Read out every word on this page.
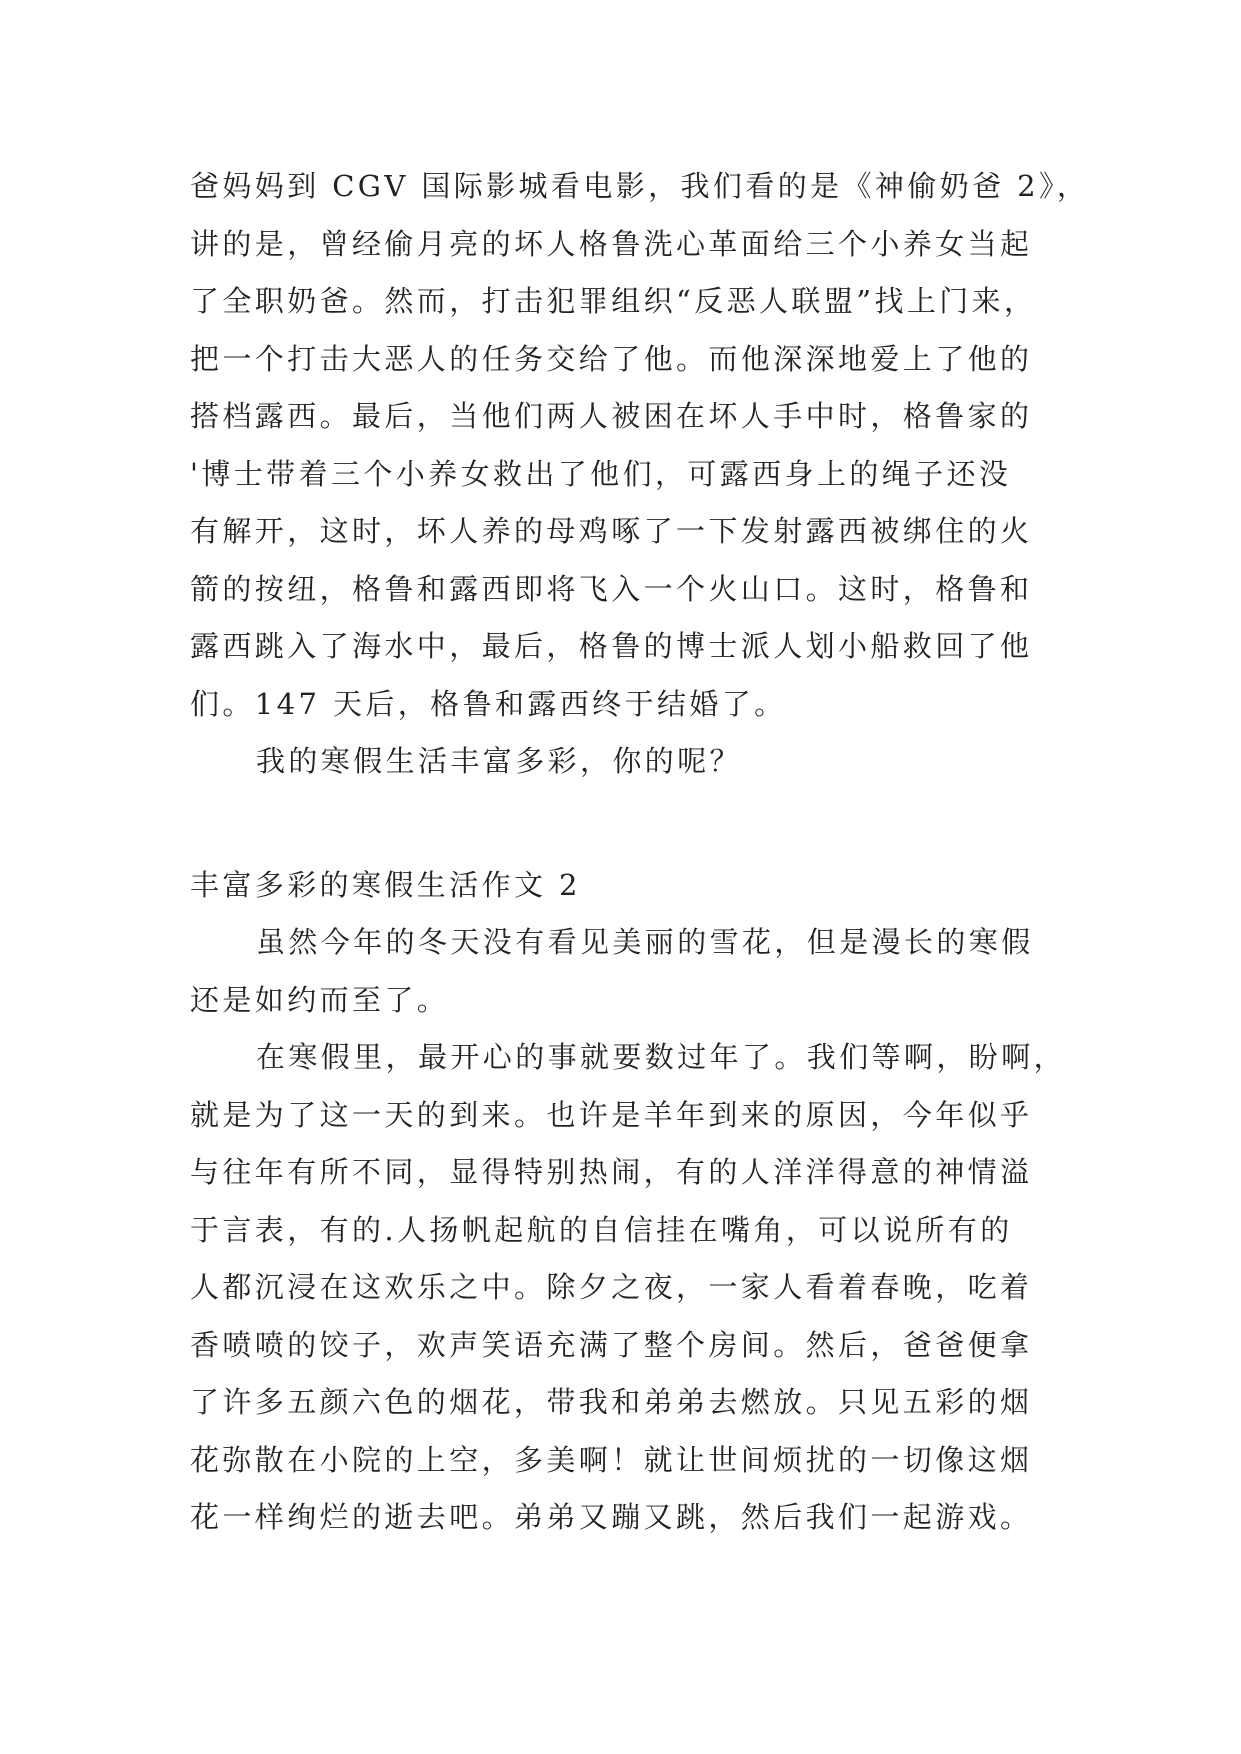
爸妈妈到 CGV 国际影城看电影，我们看的是《神偷奶爸 2》，
讲的是，曾经偷月亮的坏人格鲁洗心革面给三个小养女当起
了全职奶爸。然而，打击犯罪组织“反恶人联盟”找上门来，
把一个打击大恶人的任务交给了他。而他深深地爱上了他的
搭档露西。最后，当他们两人被困在坏人手中时，格鲁家的
'博士带着三个小养女救出了他们，可露西身上的绳子还没
有解开，这时，坏人养的母鸡啄了一下发射露西被绑住的火
箭的按纽，格鲁和露西即将飞入一个火山口。这时，格鲁和
露西跳入了海水中，最后，格鲁的博士派人划小船救回了他
们。147 天后，格鲁和露西终于结婚了。
我的寒假生活丰富多彩，你的呢？
丰富多彩的寒假生活作文 2
虽然今年的冬天没有看见美丽的雪花，但是漫长的寒假
还是如约而至了。
在寒假里，最开心的事就要数过年了。我们等啊，盼啊，
就是为了这一天的到来。也许是羊年到来的原因，今年似乎
与往年有所不同，显得特别热闹，有的人洋洋得意的神情溢
于言表，有的.人扬帆起航的自信挂在嘴角，可以说所有的
人都沉浸在这欢乐之中。除夕之夜，一家人看着春晚，吃着
香喷喷的饺子，欢声笑语充满了整个房间。然后，爸爸便拿
了许多五颜六色的烟花，带我和弟弟去燃放。只见五彩的烟
花弥散在小院的上空，多美啊！就让世间烦扰的一切像这烟
花一样绚烂的逝去吧。弟弟又蹦又跳，然后我们一起游戏。
